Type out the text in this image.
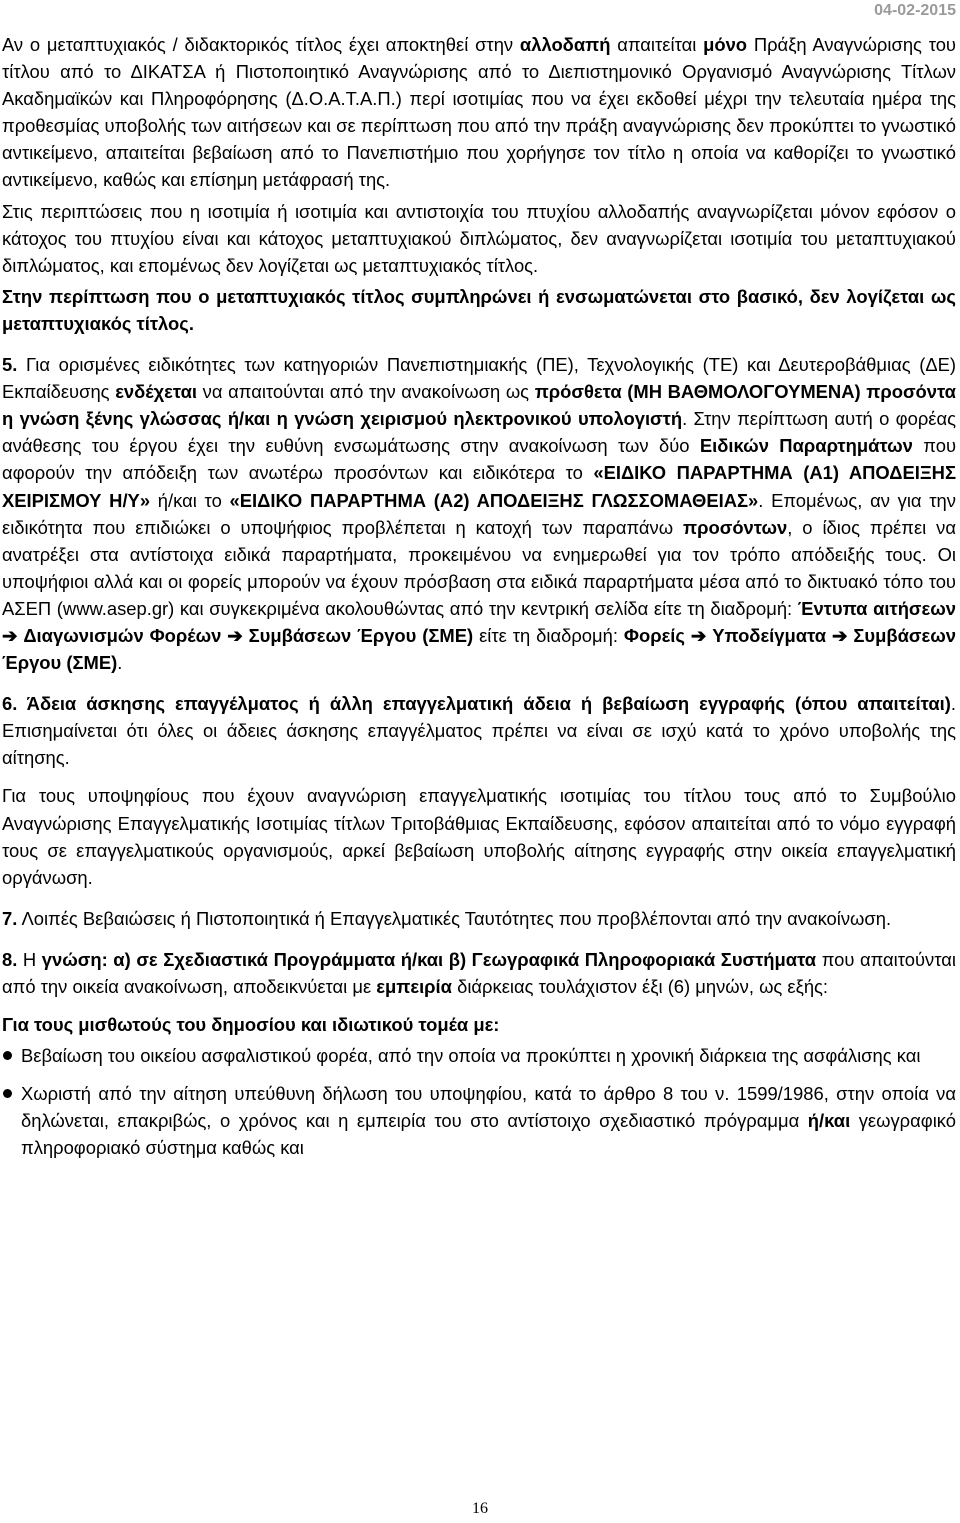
04-02-2015

Αν ο μεταπτυχιακός / διδακτορικός τίτλος έχει αποκτηθεί στην αλλοδαπή απαιτείται μόνο Πράξη Αναγνώρισης του τίτλου από το ΔΙΚΑΤΣΑ ή Πιστοποιητικό Αναγνώρισης από το Διεπιστημονικό Οργανισμό Αναγνώρισης Τίτλων Ακαδημαϊκών και Πληροφόρησης (Δ.Ο.Α.Τ.Α.Π.) περί ισοτιμίας που να έχει εκδοθεί μέχρι την τελευταία ημέρα της προθεσμίας υποβολής των αιτήσεων και σε περίπτωση που από την πράξη αναγνώρισης δεν προκύπτει το γνωστικό αντικείμενο, απαιτείται βεβαίωση από το Πανεπιστήμιο που χορήγησε τον τίτλο η οποία να καθορίζει το γνωστικό αντικείμενο, καθώς και επίσημη μετάφρασή της.

Στις περιπτώσεις που η ισοτιμία ή ισοτιμία και αντιστοιχία του πτυχίου αλλοδαπής αναγνωρίζεται μόνον εφόσον ο κάτοχος του πτυχίου είναι και κάτοχος μεταπτυχιακού διπλώματος, δεν αναγνωρίζεται ισοτιμία του μεταπτυχιακού διπλώματος, και επομένως δεν λογίζεται ως μεταπτυχιακός τίτλος.

Στην περίπτωση που ο μεταπτυχιακός τίτλος συμπληρώνει ή ενσωματώνεται στο βασικό, δεν λογίζεται ως μεταπτυχιακός τίτλος.

5. Για ορισμένες ειδικότητες των κατηγοριών Πανεπιστημιακής (ΠΕ), Τεχνολογικής (ΤΕ) και Δευτεροβάθμιας (ΔΕ) Εκπαίδευσης ενδέχεται να απαιτούνται από την ανακοίνωση ως πρόσθετα (ΜΗ ΒΑΘΜΟΛΟΓΟΥΜΕΝΑ) προσόντα η γνώση ξένης γλώσσας ή/και η γνώση χειρισμού ηλεκτρονικού υπολογιστή. Στην περίπτωση αυτή ο φορέας ανάθεσης του έργου έχει την ευθύνη ενσωμάτωσης στην ανακοίνωση των δύο Ειδικών Παραρτημάτων που αφορούν την απόδειξη των ανωτέρω προσόντων και ειδικότερα το «ΕΙΔΙΚΟ ΠΑΡΑΡΤΗΜΑ (Α1) ΑΠΟΔΕΙΞΗΣ ΧΕΙΡΙΣΜΟΥ Η/Υ» ή/και το «ΕΙΔΙΚΟ ΠΑΡΑΡΤΗΜΑ (Α2) ΑΠΟΔΕΙΞΗΣ ΓΛΩΣΣΟΜΑΘΕΙΑΣ». Επομένως, αν για την ειδικότητα που επιδιώκει ο υποψήφιος προβλέπεται η κατοχή των παραπάνω προσόντων, ο ίδιος πρέπει να ανατρέξει στα αντίστοιχα ειδικά παραρτήματα, προκειμένου να ενημερωθεί για τον τρόπο απόδειξής τους. Οι υποψήφιοι αλλά και οι φορείς μπορούν να έχουν πρόσβαση στα ειδικά παραρτήματα μέσα από το δικτυακό τόπο του ΑΣΕΠ (www.asep.gr) και συγκεκριμένα ακολουθώντας από την κεντρική σελίδα είτε τη διαδρομή: Έντυπα αιτήσεων ➔ Διαγωνισμών Φορέων ➔ Συμβάσεων Έργου (ΣΜΕ) είτε τη διαδρομή: Φορείς ➔ Υποδείγματα ➔ Συμβάσεων Έργου (ΣΜΕ).

6. Άδεια άσκησης επαγγέλματος ή άλλη επαγγελματική άδεια ή βεβαίωση εγγραφής (όπου απαιτείται). Επισημαίνεται ότι όλες οι άδειες άσκησης επαγγέλματος πρέπει να είναι σε ισχύ κατά το χρόνο υποβολής της αίτησης.

Για τους υποψηφίους που έχουν αναγνώριση επαγγελματικής ισοτιμίας του τίτλου τους από το Συμβούλιο Αναγνώρισης Επαγγελματικής Ισοτιμίας τίτλων Τριτοβάθμιας Εκπαίδευσης, εφόσον απαιτείται από το νόμο εγγραφή τους σε επαγγελματικούς οργανισμούς, αρκεί βεβαίωση υποβολής αίτησης εγγραφής στην οικεία επαγγελματική οργάνωση.

7. Λοιπές Βεβαιώσεις ή Πιστοποιητικά ή Επαγγελματικές Ταυτότητες που προβλέπονται από την ανακοίνωση.

8. Η γνώση: α) σε Σχεδιαστικά Προγράμματα ή/και β) Γεωγραφικά Πληροφοριακά Συστήματα που απαιτούνται από την οικεία ανακοίνωση, αποδεικνύεται με εμπειρία διάρκειας τουλάχιστον έξι (6) μηνών, ως εξής:

Για τους μισθωτούς του δημοσίου και ιδιωτικού τομέα με:

Βεβαίωση του οικείου ασφαλιστικού φορέα, από την οποία να προκύπτει η χρονική διάρκεια της ασφάλισης και

Χωριστή από την αίτηση υπεύθυνη δήλωση του υποψηφίου, κατά το άρθρο 8 του ν. 1599/1986, στην οποία να δηλώνεται, επακριβώς, ο χρόνος και η εμπειρία του στο αντίστοιχο σχεδιαστικό πρόγραμμα ή/και γεωγραφικό πληροφοριακό σύστημα καθώς και

16
